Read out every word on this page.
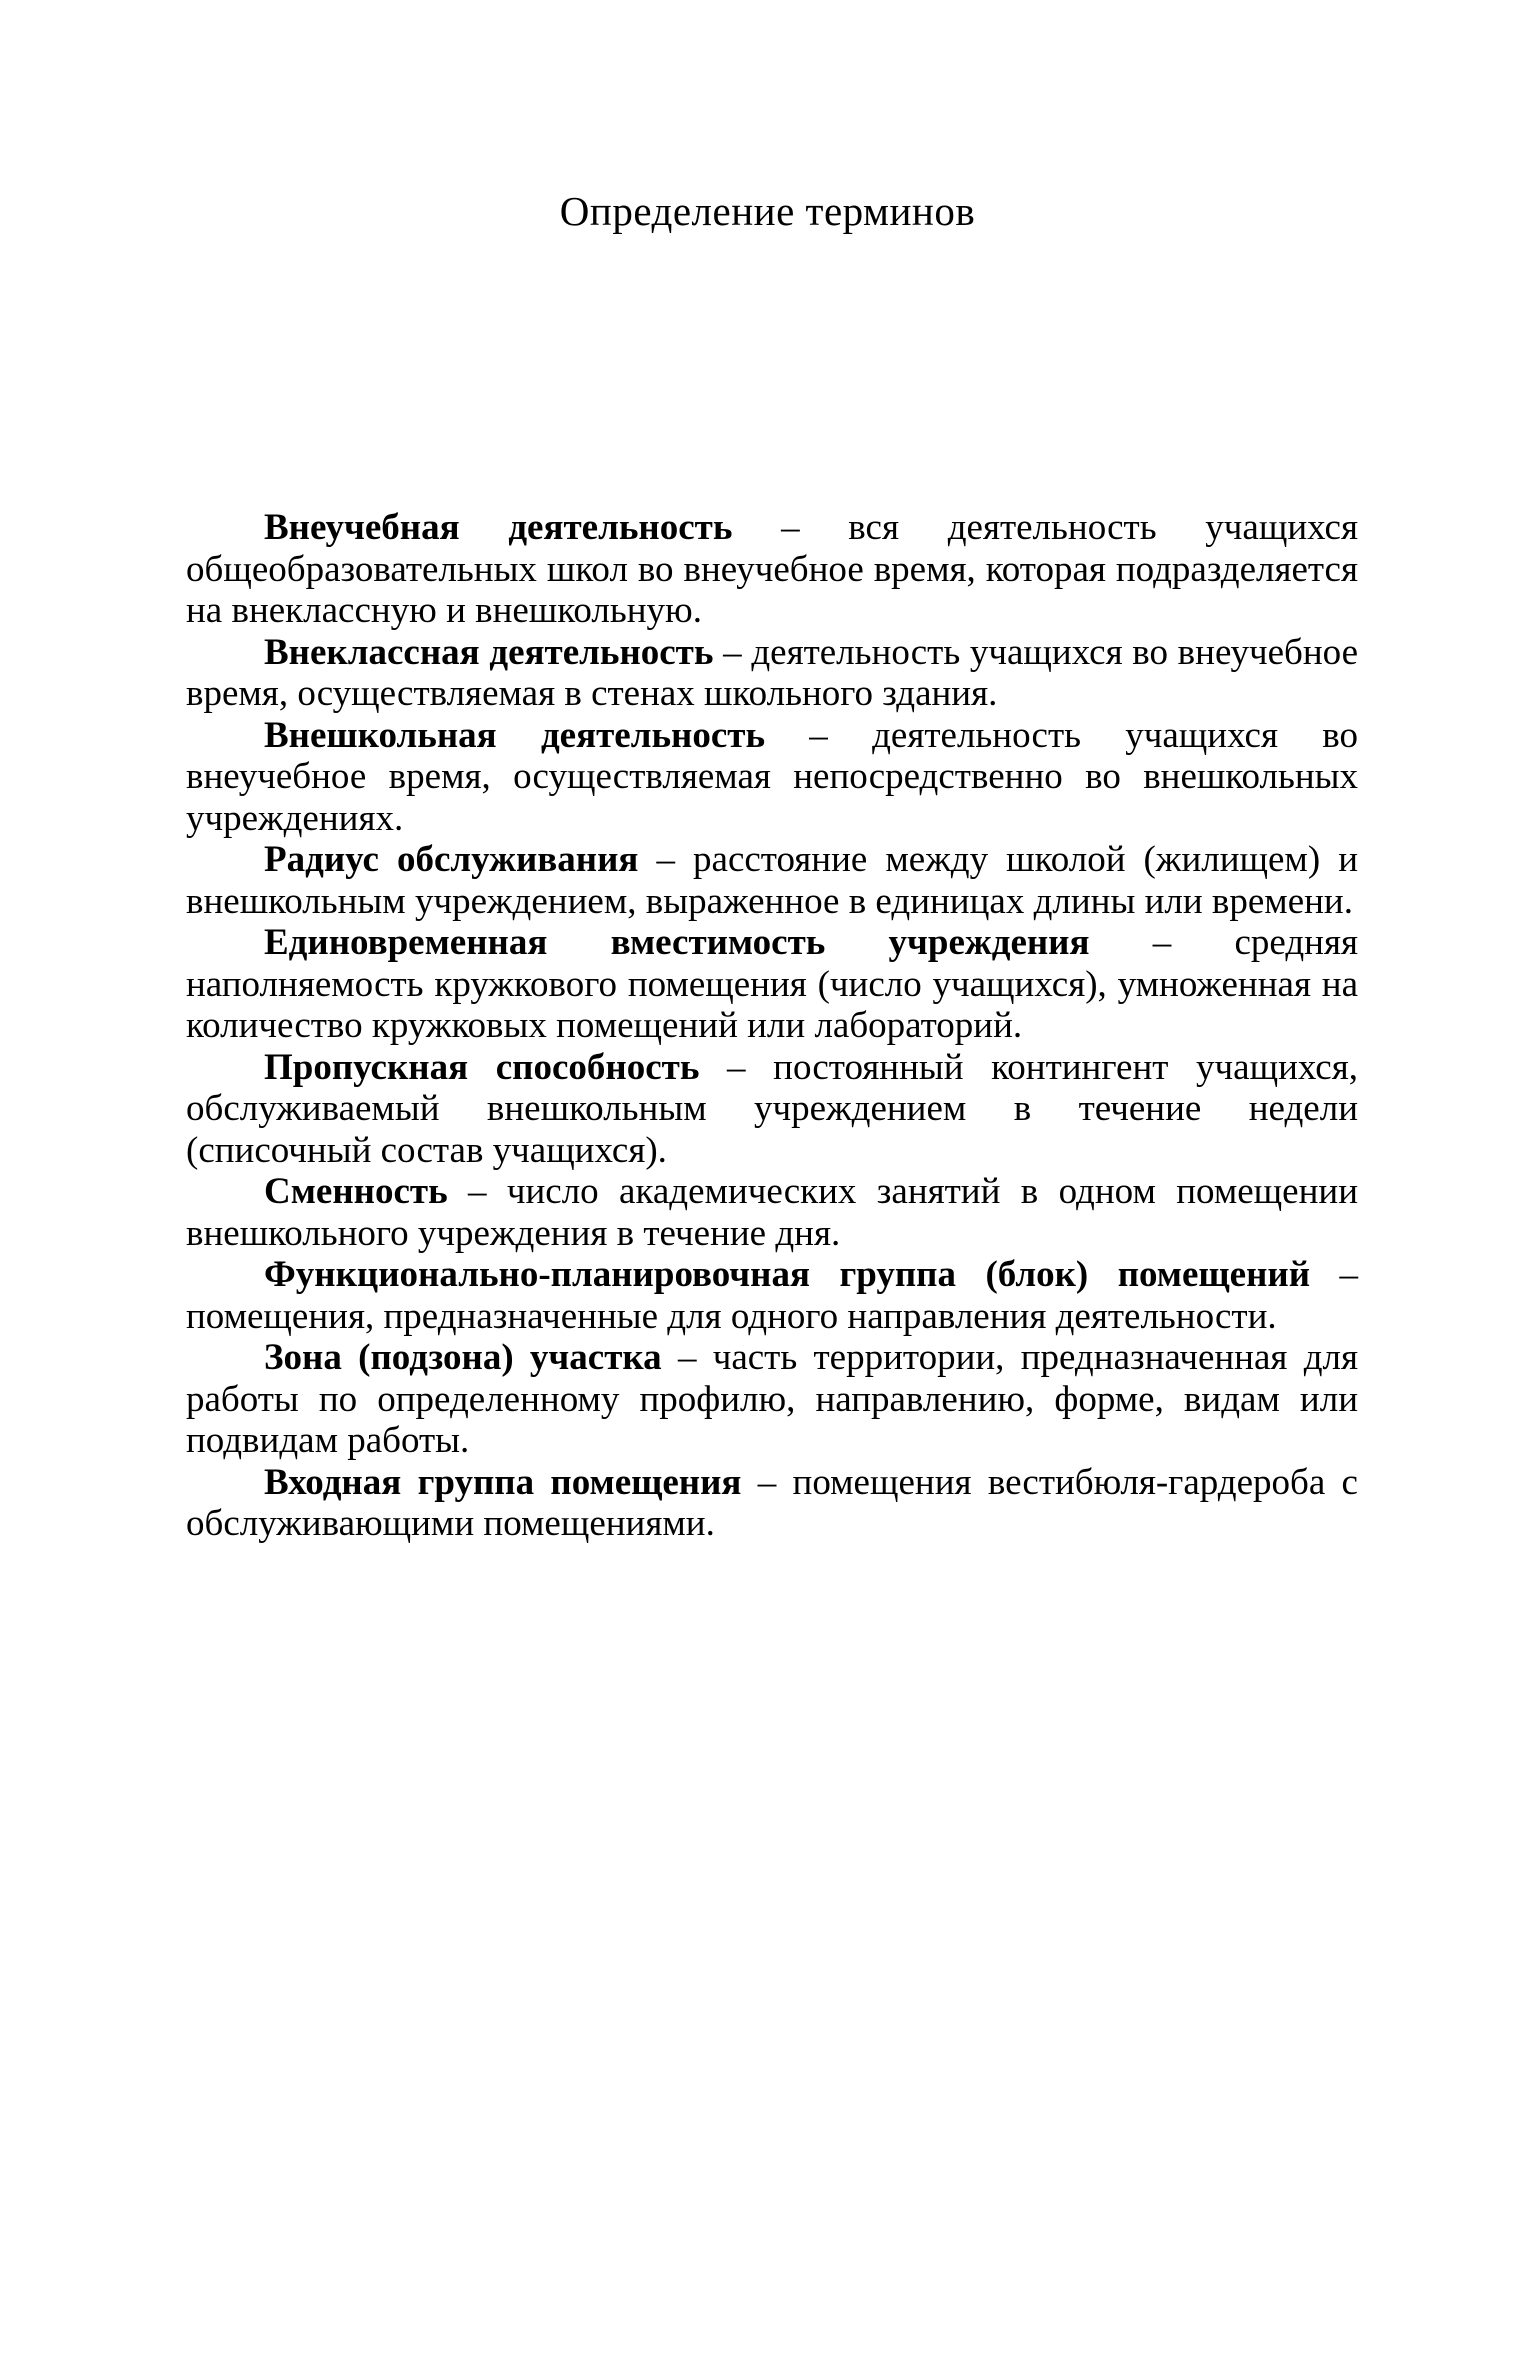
Определение терминов

Внеучебная деятельность – вся деятельность учащихся общеобразовательных школ во внеучебное время, которая подразделяется на внеклассную и внешкольную.

Внеклассная деятельность – деятельность учащихся во внеучебное время, осуществляемая в стенах школьного здания.

Внешкольная деятельность – деятельность учащихся во внеучебное время, осуществляемая непосредственно во внешкольных учреждениях.

Радиус обслуживания – расстояние между школой (жилищем) и внешкольным учреждением, выраженное в единицах длины или времени.

Единовременная вместимость учреждения – средняя наполняемость кружкового помещения (число учащихся), умноженная на количество кружковых помещений или лабораторий.

Пропускная способность – постоянный контингент учащихся, обслуживаемый внешкольным учреждением в течение недели (списочный состав учащихся).

Сменность – число академических занятий в одном помещении внешкольного учреждения в течение дня.

Функционально-планировочная группа (блок) помещений – помещения, предназначенные для одного направления деятельности.

Зона (подзона) участка – часть территории, предназначенная для работы по определенному профилю, направлению, форме, видам или подвидам работы.

Входная группа помещения – помещения вестибюля-гардероба с обслуживающими помещениями.
